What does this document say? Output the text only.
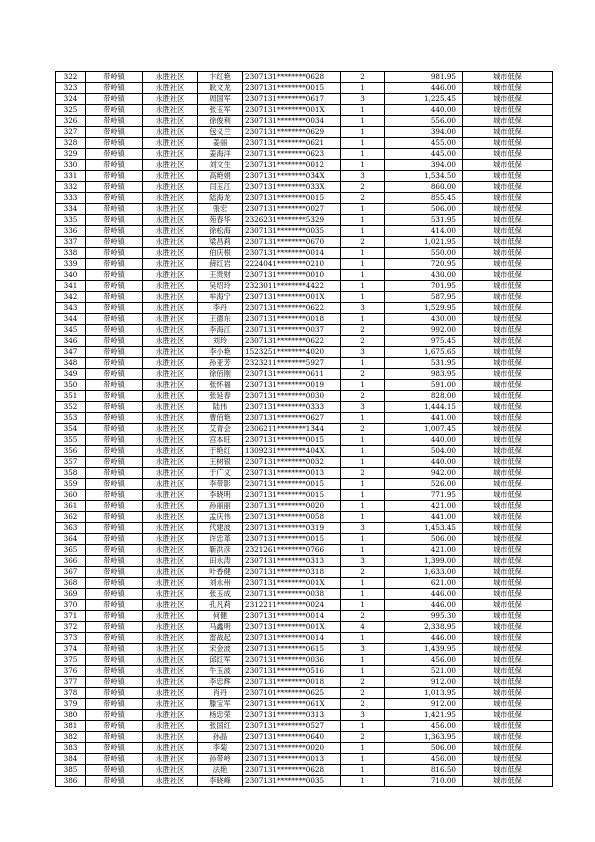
322	带岭镇	永胜社区	卞红艳	2307131********0628	2	981.95	城市低保
323	带岭镇	永胜社区	耿文龙	2307131********0015	1	446.00	城市低保
324	带岭镇	永胜社区	周国军	2307131********0617	3	1,225.45	城市低保
325	带岭镇	永胜社区	张玉军	2307131********001X	1	440.00	城市低保
326	带岭镇	永胜社区	徐俊利	2307131********0034	1	556.00	城市低保
327	带岭镇	永胜社区	包义兰	2307131********0629	1	394.00	城市低保
328	带岭镇	永胜社区	姜丽	2307131********0621	1	455.00	城市低保
329	带岭镇	永胜社区	姜海洋	2307131********0623	1	445.00	城市低保
330	带岭镇	永胜社区	刘文生	2307131********0012	1	394.00	城市低保
331	带岭镇	永胜社区	高艳娟	2307131********034X	3	1,534.50	城市低保
332	带岭镇	永胜社区	闫玉江	2307131********033X	2	860.00	城市低保
333	带岭镇	永胜社区	陆海龙	2307131********0015	2	855.45	城市低保
334	带岭镇	永胜社区	張宏	2307131********0027	1	506.00	城市低保
335	带岭镇	永胜社区	苑春华	2326231********5329	1	531.95	城市低保
336	带岭镇	永胜社区	徐松海	2307131********0035	1	414.00	城市低保
337	带岭镇	永胜社区	梁昌莉	2307131********0670	2	1,021.95	城市低保
338	带岭镇	永胜社区	伯庆根	2307131********0014	1	550.00	城市低保
339	带岭镇	永胜社区	薛红岩	2224041********0210	1	720.95	城市低保
340	带岭镇	永胜社区	王贵财	2307131********0010	1	430.00	城市低保
341	带岭镇	永胜社区	吴绍玲	2323011********4422	1	701.95	城市低保
342	带岭镇	永胜社区	牟海宁	2307131********001X	1	587.95	城市低保
343	带岭镇	永胜社区	李丹	2307131********0622	3	1,529.95	城市低保
344	带岭镇	永胜社区	王德东	2307131********0018	1	430.00	城市低保
345	带岭镇	永胜社区	李海江	2307131********0037	2	992.00	城市低保
346	带岭镇	永胜社区	刘玲	2307131********0622	2	975.45	城市低保
347	带岭镇	永胜社区	李小艳	1523251********4020	3	1,675.65	城市低保
348	带岭镇	永胜社区	孙亚芳	2323211********5927	1	531.95	城市低保
349	带岭镇	永胜社区	徐佰刚	2307131********0611	2	983.95	城市低保
350	带岭镇	永胜社区	张怀福	2307131********0019	1	591.00	城市低保
351	带岭镇	永胜社区	张延春	2307131********0030	2	828.00	城市低保
352	带岭镇	永胜社区	陆伟	2307131********0333	3	1,444.15	城市低保
353	带岭镇	永胜社区	曹佰艳	2307131********0627	1	441.00	城市低保
354	带岭镇	永胜社区	艾青会	2306211********1344	2	1,007.45	城市低保
355	带岭镇	永胜社区	宫本旺	2307131********0015	1	440.00	城市低保
356	带岭镇	永胜社区	于艳红	1309231********404X	1	504.00	城市低保
357	带岭镇	永胜社区	王树银	2307131********0032	1	440.00	城市低保
358	带岭镇	永胜社区	于广义	2307131********0013	2	942.00	城市低保
359	带岭镇	永胜社区	李带影	2307131********0015	1	526.00	城市低保
360	带岭镇	永胜社区	李晓明	2307131********0015	1	771.95	城市低保
361	带岭镇	永胜社区	孙丽丽	2307131********0020	1	421.00	城市低保
362	带岭镇	永胜社区	孟庆伟	2307131********0058	1	441.00	城市低保
363	带岭镇	永胜社区	代建波	2307131********0319	3	1,453.45	城市低保
364	带岭镇	永胜社区	许忠革	2307131********0015	1	506.00	城市低保
365	带岭镇	永胜社区	靳洪彦	2321261********0766	1	421.00	城市低保
366	带岭镇	永胜社区	田永涛	2307131********0313	3	1,399.00	城市低保
367	带岭镇	永胜社区	叶香健	2307131********0318	2	1,633.00	城市低保
368	带岭镇	永胜社区	刘永州	2307131********001X	1	621.00	城市低保
369	带岭镇	永胜社区	张玉成	2307131********0038	1	446.00	城市低保
370	带岭镇	永胜社区	孔凡莉	2312211********0024	1	446.00	城市低保
371	带岭镇	永胜社区	何健	2307131********0014	2	995.30	城市低保
372	带岭镇	永胜社区	马鑫明	2307131********001X	4	2,338.95	城市低保
373	带岭镇	永胜社区	雷战起	2307131********0014	1	446.00	城市低保
374	带岭镇	永胜社区	宋金波	2307131********0615	3	1,439.95	城市低保
375	带岭镇	永胜社区	邱红军	2307131********0036	1	456.00	城市低保
376	带岭镇	永胜社区	牛玉波	2307131********0516	1	521.00	城市低保
377	带岭镇	永胜社区	李忠辉	2307131********0018	2	912.00	城市低保
378	带岭镇	永胜社区	肖丹	2307101********0625	2	1,013.95	城市低保
379	带岭镇	永胜社区	滕宝军	2307131********061X	2	912.00	城市低保
380	带岭镇	永胜社区	杨忠荣	2307131********0313	3	1,421.95	城市低保
381	带岭镇	永胜社区	张国红	2307131********0527	1	456.00	城市低保
382	带岭镇	永胜社区	孙晶	2307131********0640	2	1,363.95	城市低保
383	带岭镇	永胜社区	李菊	2307131********0020	1	506.00	城市低保
384	带岭镇	永胜社区	孙带岭	2307131********0013	1	456.00	城市低保
385	带岭镇	永胜社区	法艳	2307131********0628	1	816.50	城市低保
386	带岭镇	永胜社区	李晓峰	2307131********0035	1	710.00	城市低保
